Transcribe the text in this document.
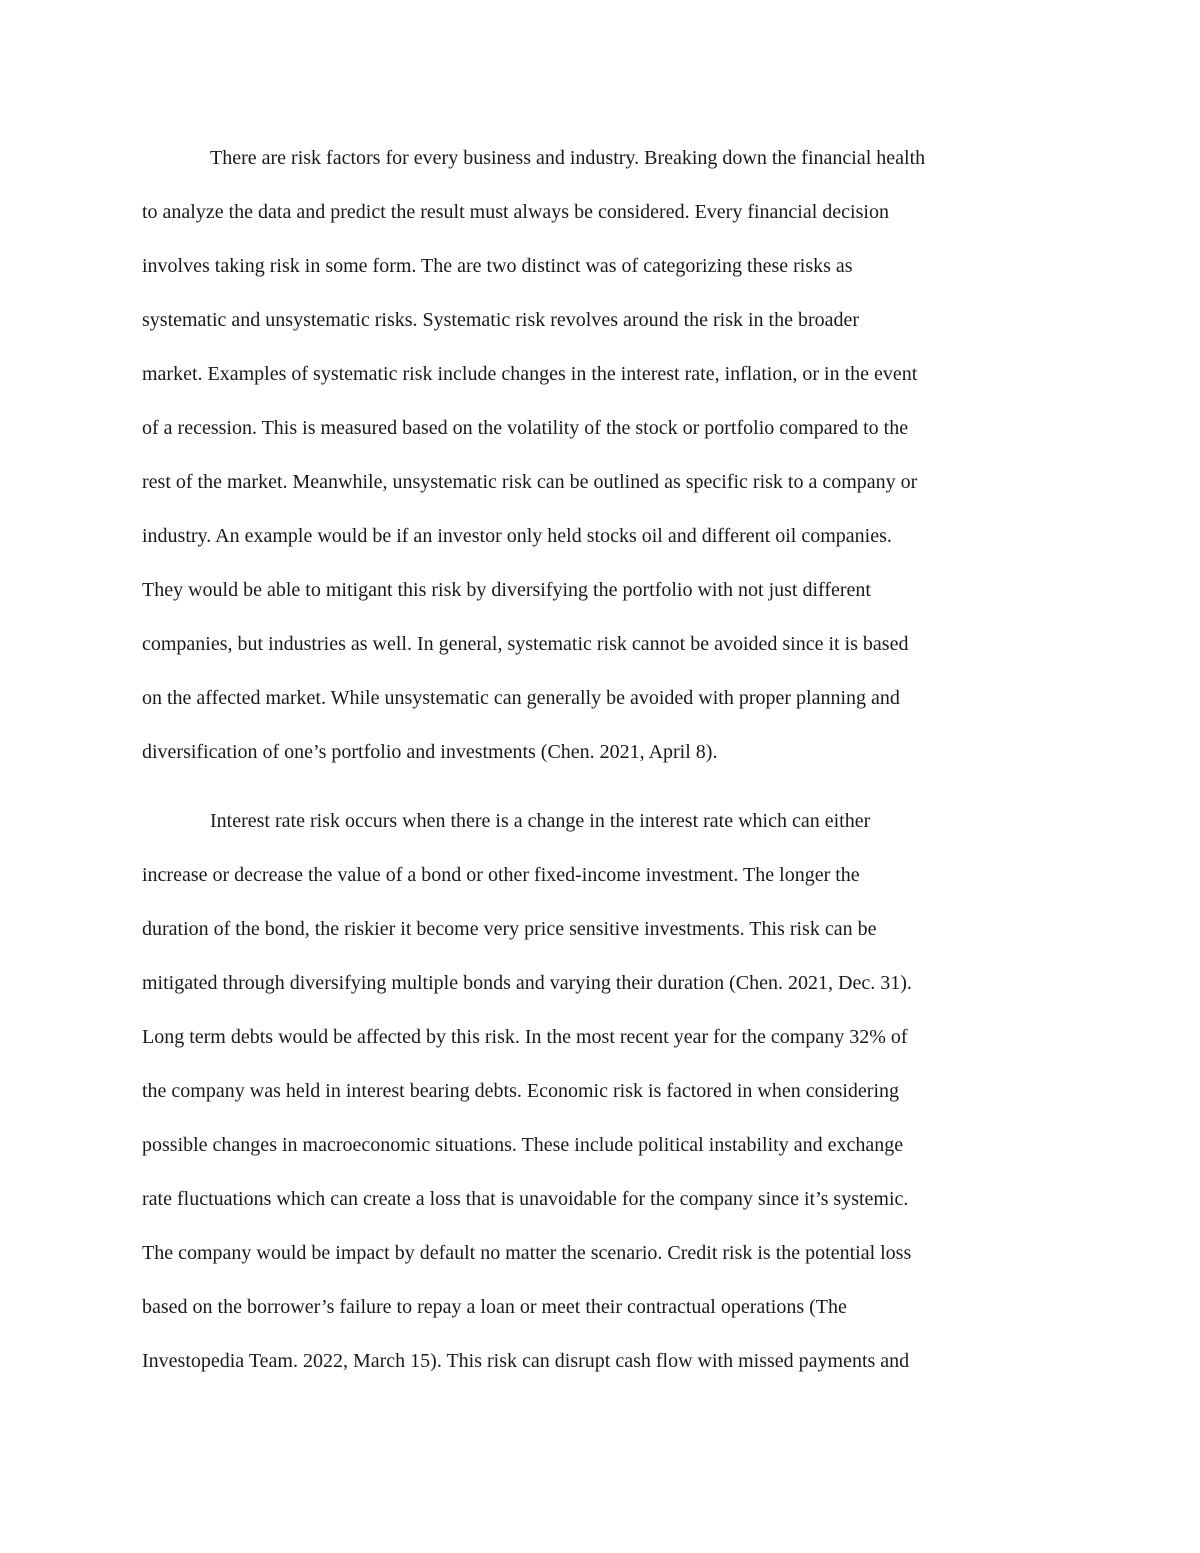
There are risk factors for every business and industry. Breaking down the financial health
to analyze the data and predict the result must always be considered. Every financial decision
involves taking risk in some form. The are two distinct was of categorizing these risks as
systematic and unsystematic risks. Systematic risk revolves around the risk in the broader
market. Examples of systematic risk include changes in the interest rate, inflation, or in the event
of a recession. This is measured based on the volatility of the stock or portfolio compared to the
rest of the market. Meanwhile, unsystematic risk can be outlined as specific risk to a company or
industry. An example would be if an investor only held stocks oil and different oil companies.
They would be able to mitigant this risk by diversifying the portfolio with not just different
companies, but industries as well. In general, systematic risk cannot be avoided since it is based
on the affected market. While unsystematic can generally be avoided with proper planning and
diversification of one’s portfolio and investments (Chen. 2021, April 8).
Interest rate risk occurs when there is a change in the interest rate which can either
increase or decrease the value of a bond or other fixed-income investment. The longer the
duration of the bond, the riskier it become very price sensitive investments. This risk can be
mitigated through diversifying multiple bonds and varying their duration (Chen. 2021, Dec. 31).
Long term debts would be affected by this risk. In the most recent year for the company 32% of
the company was held in interest bearing debts. Economic risk is factored in when considering
possible changes in macroeconomic situations. These include political instability and exchange
rate fluctuations which can create a loss that is unavoidable for the company since it’s systemic.
The company would be impact by default no matter the scenario. Credit risk is the potential loss
based on the borrower’s failure to repay a loan or meet their contractual operations (The
Investopedia Team. 2022, March 15). This risk can disrupt cash flow with missed payments and
